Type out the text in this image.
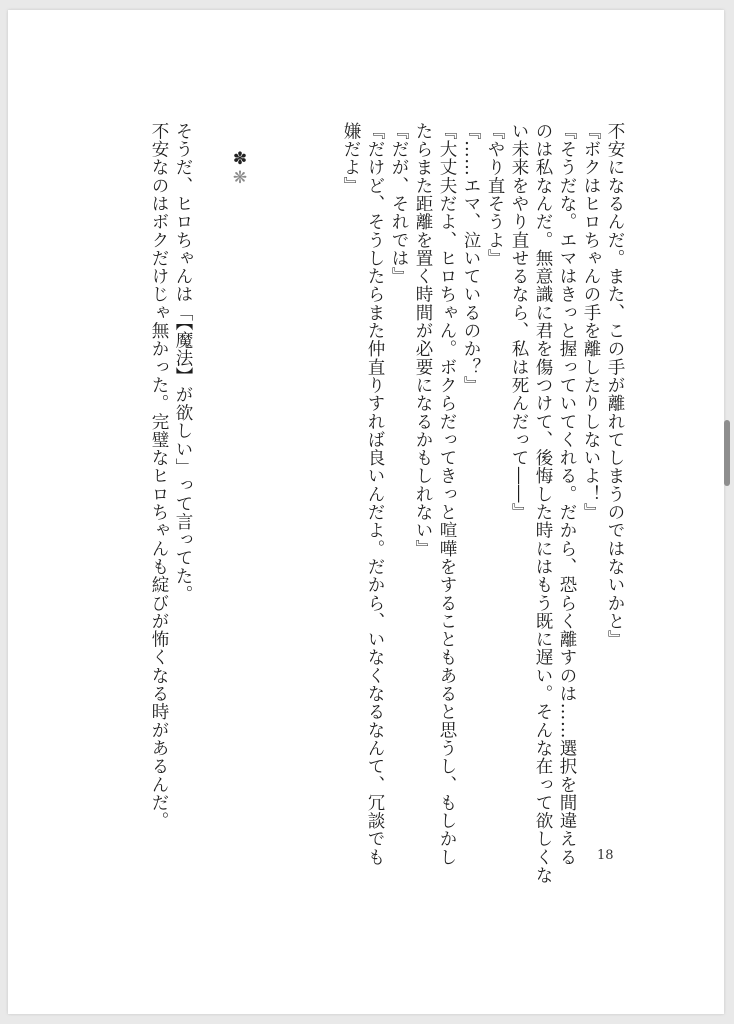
不安になるんだ。また、この手が離れてしまうのではないかと』
『ボクはヒロちゃんの手を離したりしないよ！』
『そうだな。エマはきっと握っていてくれる。だから、恐らく離すのは……選択を間違える
のは私なんだ。無意識に君を傷つけて、後悔した時にはもう既に遅い。そんな在って欲しくな
い未来をやり直せるなら、私は死んだって――』
『やり直そうよ』
『……エマ、泣いているのか？』
『大丈夫だよ、ヒロちゃん。ボクらだってきっと喧嘩をすることもあると思うし、もしかし
たらまた距離を置く時間が必要になるかもしれない』
『だが、それでは』
『だけど、そうしたらまた仲直りすれば良いんだよ。だから、いなくなるなんて、冗談でも
嫌だよ』
そうだ、ヒロちゃんは「【魔法】が欲しい」って言ってた。
不安なのはボクだけじゃ無かった。完璧なヒロちゃんも綻びが怖くなる時があるんだ。	✽
❋
18
